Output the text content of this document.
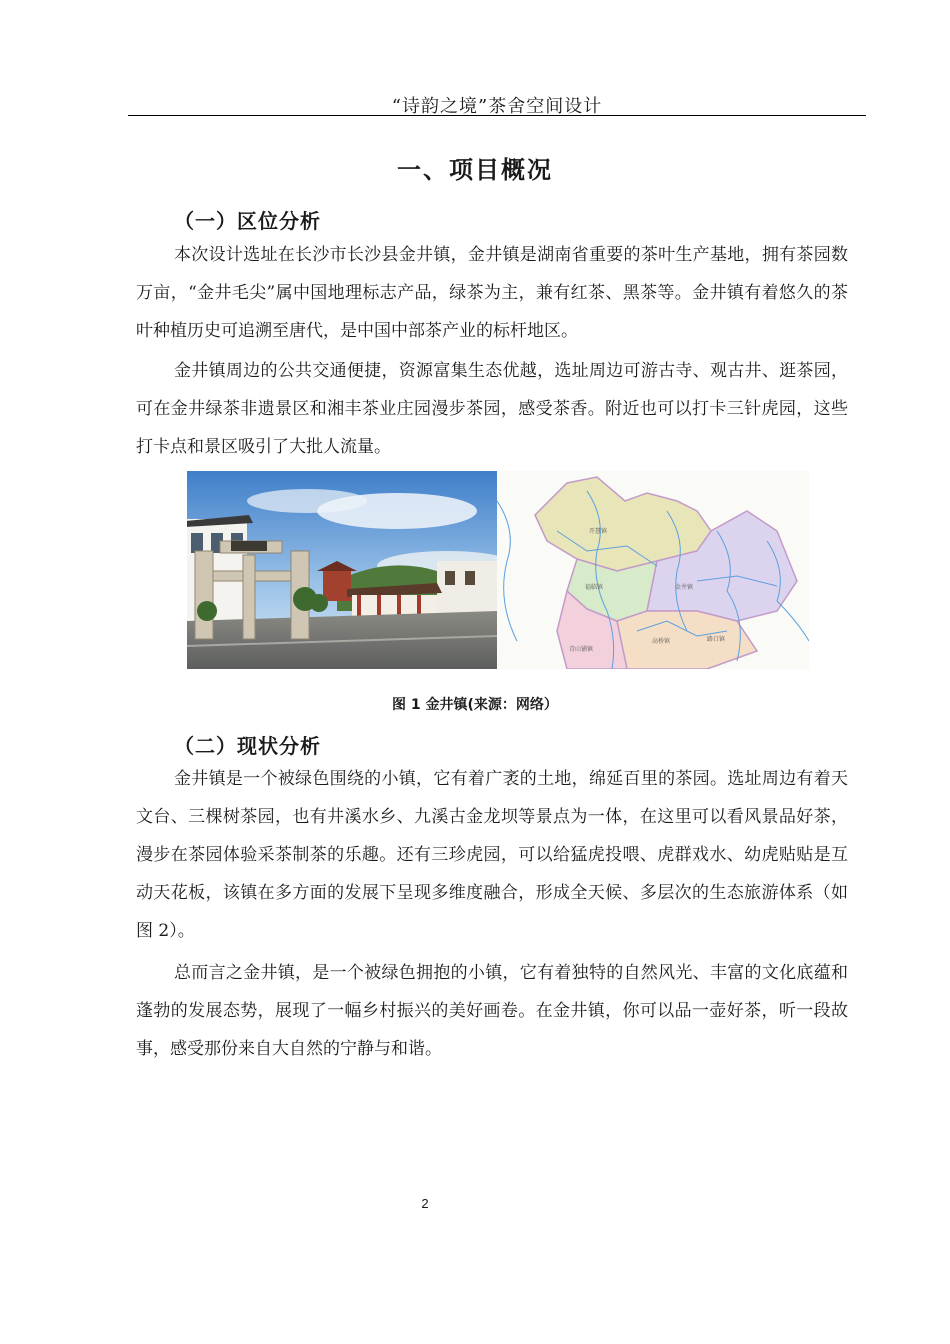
“诗韵之境”茶舍空间设计
一、项目概况
（一）区位分析

本次设计选址在长沙市长沙县金井镇，金井镇是湖南省重要的茶叶生产基地，拥有茶园数万亩，“金井毛尖”属中国地理标志产品，绿茶为主，兼有红茶、黑茶等。金井镇有着悠久的茶叶种植历史可追溯至唐代，是中国中部茶产业的标杆地区。

金井镇周边的公共交通便捷，资源富集生态优越，选址周边可游古寺、观古井、逛茶园，可在金井绿茶非遗景区和湘丰茶业庄园漫步茶园，感受茶香。附近也可以打卡三针虎园，这些打卡点和景区吸引了大批人流量。

开慧镇
福临镇	金井镇
路口镇
高桥镇
青山铺镇
图 1 金井镇(来源：网络）
（二）现状分析

金井镇是一个被绿色围绕的小镇，它有着广袤的土地，绵延百里的茶园。选址周边有着天文台、三棵树茶园，也有井溪水乡、九溪古金龙坝等景点为一体，在这里可以看风景品好茶，漫步在茶园体验采茶制茶的乐趣。还有三珍虎园，可以给猛虎投喂、虎群戏水、幼虎贴贴是互动天花板，该镇在多方面的发展下呈现多维度融合，形成全天候、多层次的生态旅游体系（如图 2）。

总而言之金井镇，是一个被绿色拥抱的小镇，它有着独特的自然风光、丰富的文化底蕴和蓬勃的发展态势，展现了一幅乡村振兴的美好画卷。在金井镇，你可以品一壶好茶，听一段故事，感受那份来自大自然的宁静与和谐。

2
